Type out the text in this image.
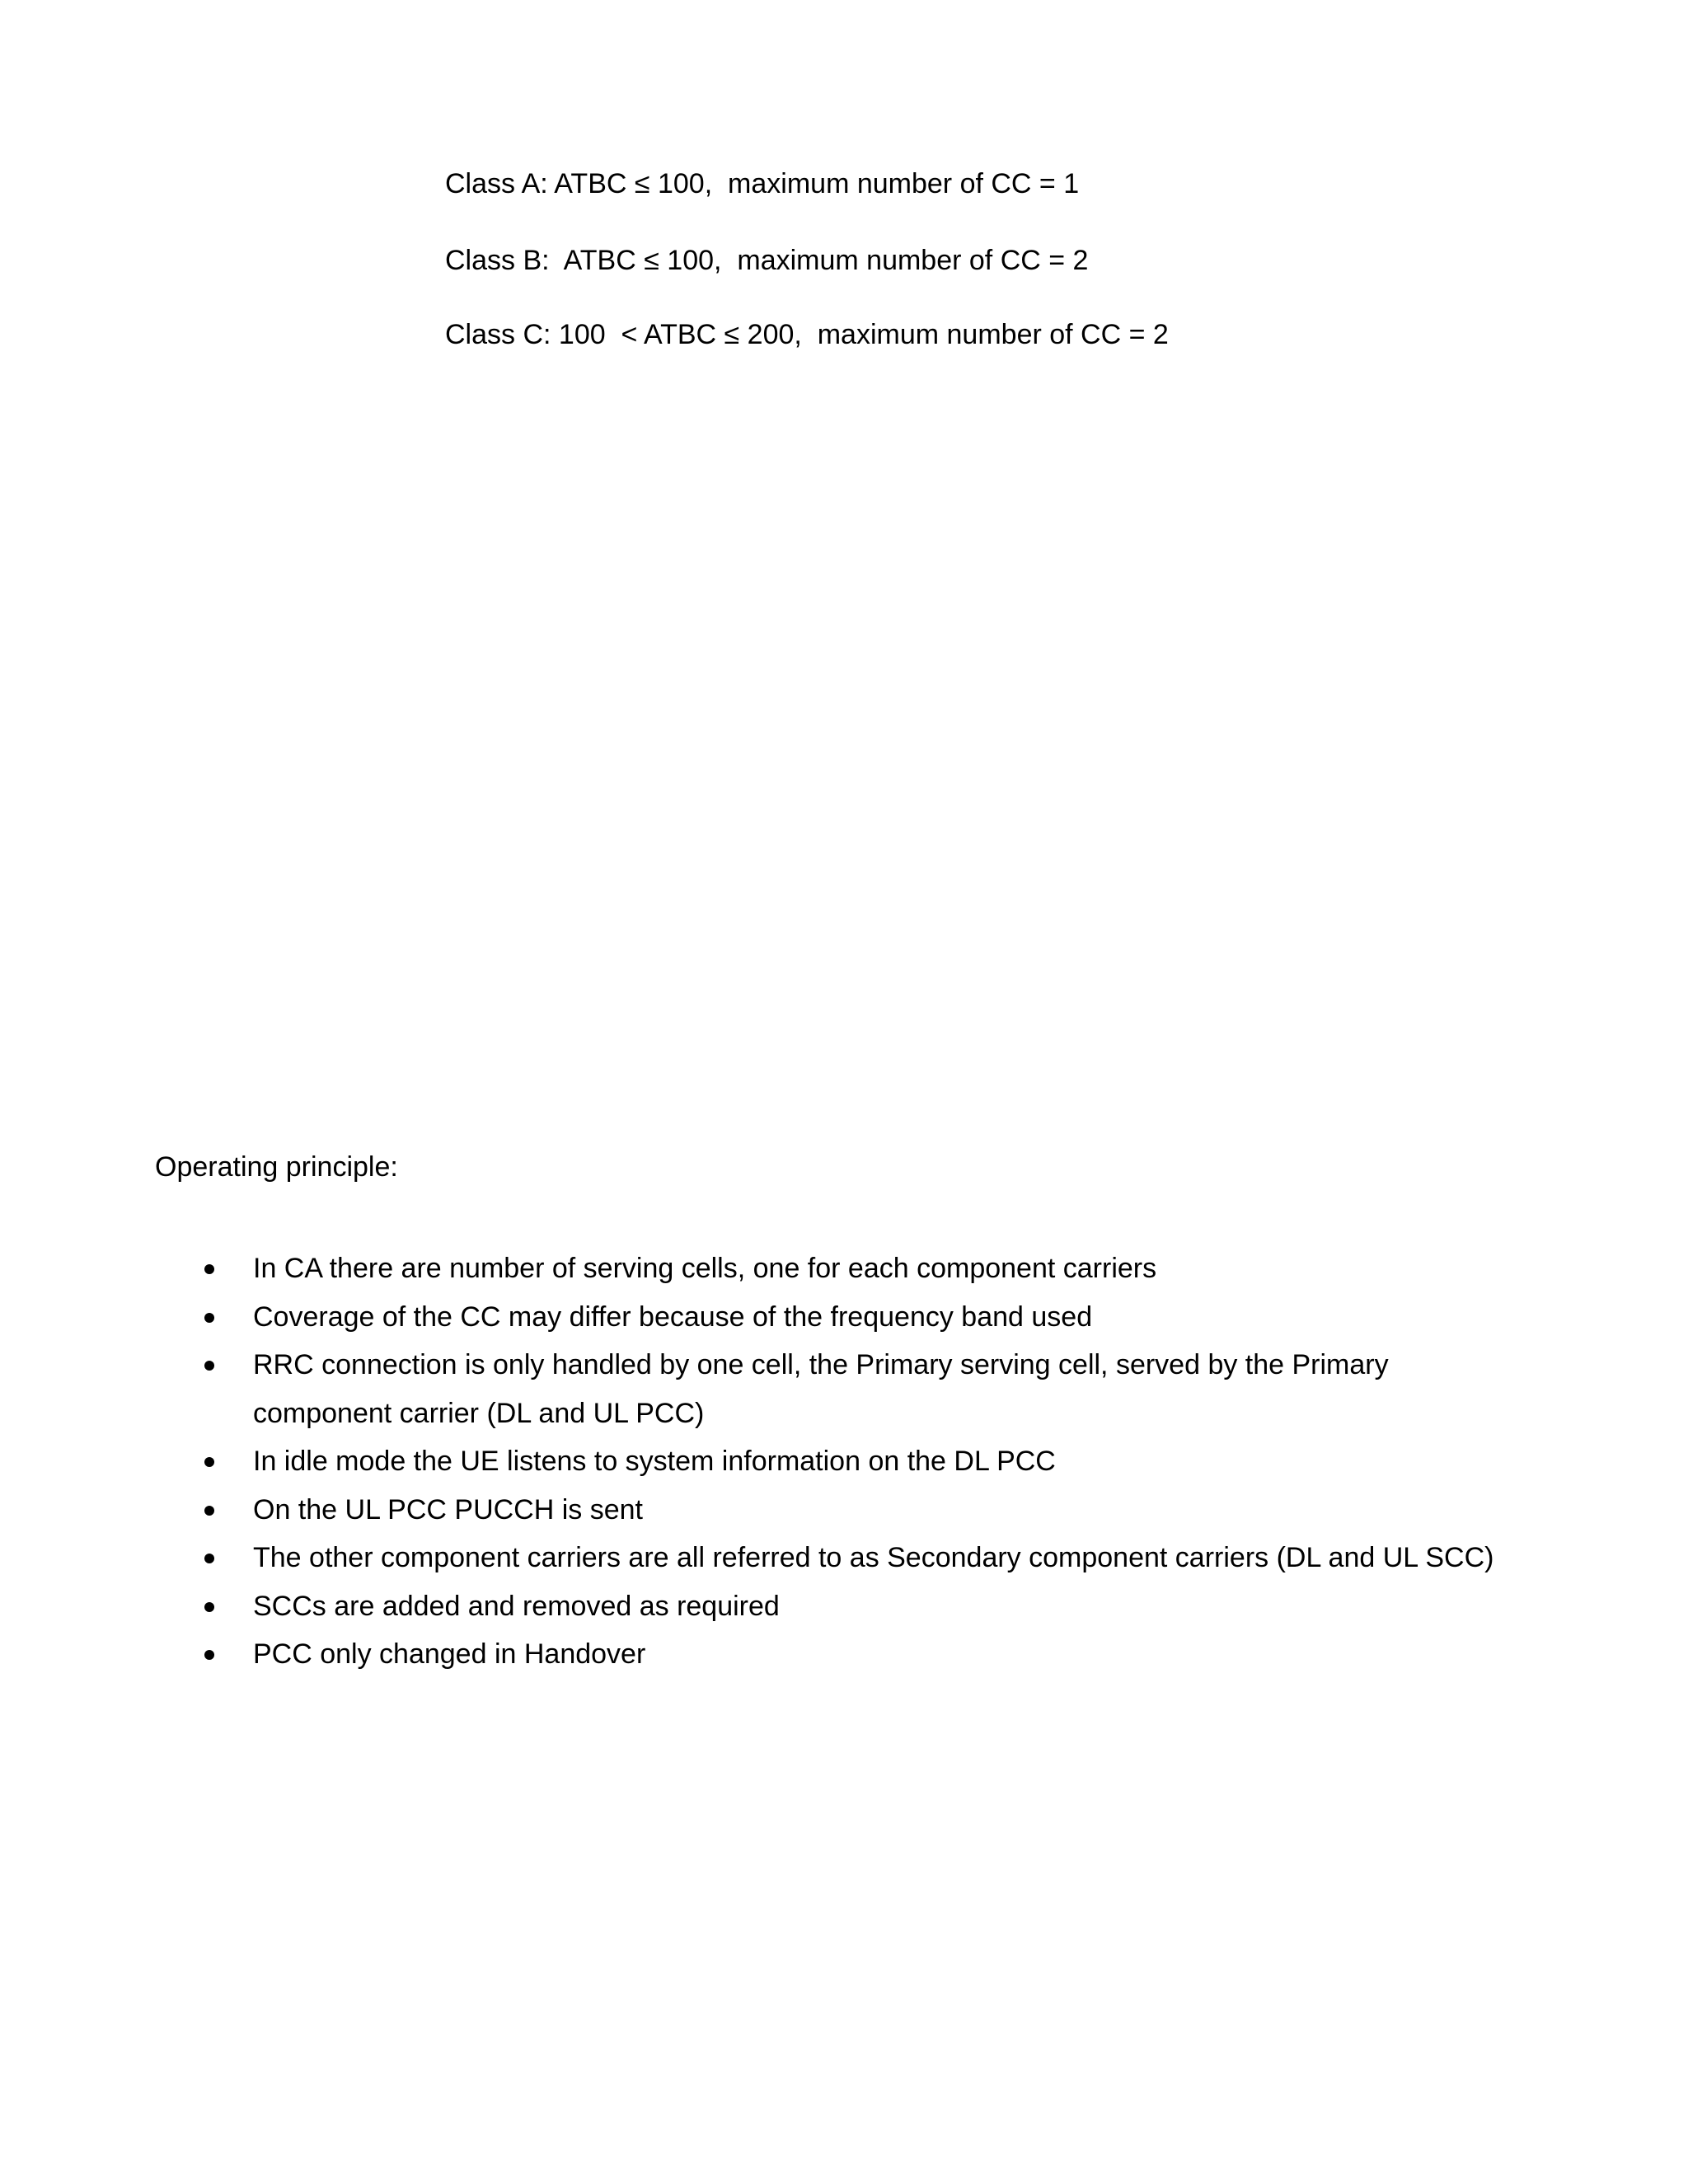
Class A: ATBC ≤ 100,  maximum number of CC = 1
Class B:  ATBC ≤ 100,  maximum number of CC = 2
Class C: 100  < ATBC ≤ 200,  maximum number of CC = 2
Operating principle:
In CA there are number of serving cells, one for each component carriers
Coverage of the CC may differ because of the frequency band used
RRC connection is only handled by one cell, the Primary serving cell, served by the Primary component carrier (DL and UL PCC)
In idle mode the UE listens to system information on the DL PCC
On the UL PCC PUCCH is sent
The other component carriers are all referred to as Secondary component carriers (DL and UL SCC)
SCCs are added and removed as required
PCC only changed in Handover
